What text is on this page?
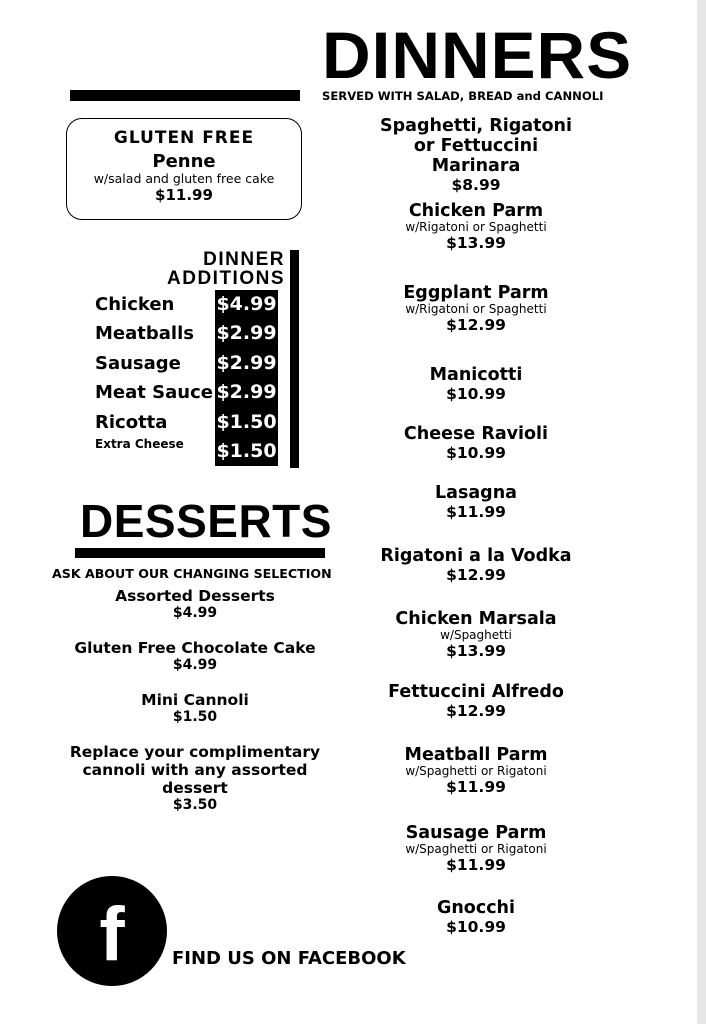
DINNERS
SERVED WITH SALAD, BREAD and CANNOLI
GLUTEN FREE
Penne
w/salad and gluten free cake
$11.99
DINNER
ADDITIONS
Chicken $4.99
Meatballs $2.99
Sausage $2.99
Meat Sauce $2.99
Ricotta	$1.50
Extra Cheese	$1.50
DESSERTS
ASK ABOUT OUR CHANGING SELECTION
Assorted Desserts
$4.99
Gluten Free Chocolate Cake
$4.99
Mini Cannoli
$1.50
Replace your complimentary cannoli with any assorted dessert
$3.50
Spaghetti, Rigatoni or Fettuccini Marinara
$8.99
Chicken Parm
w/Rigatoni or Spaghetti
$13.99
Eggplant Parm
w/Rigatoni or Spaghetti
$12.99
Manicotti
$10.99
Cheese Ravioli
$10.99
Lasagna
$11.99
Rigatoni a la Vodka
$12.99
Chicken Marsala
w/Spaghetti
$13.99
Fettuccini Alfredo
$12.99
Meatball Parm
w/Spaghetti or Rigatoni
$11.99
Sausage Parm
w/Spaghetti or Rigatoni
$11.99
Gnocchi
$10.99
f	FIND US ON FACEBOOK
